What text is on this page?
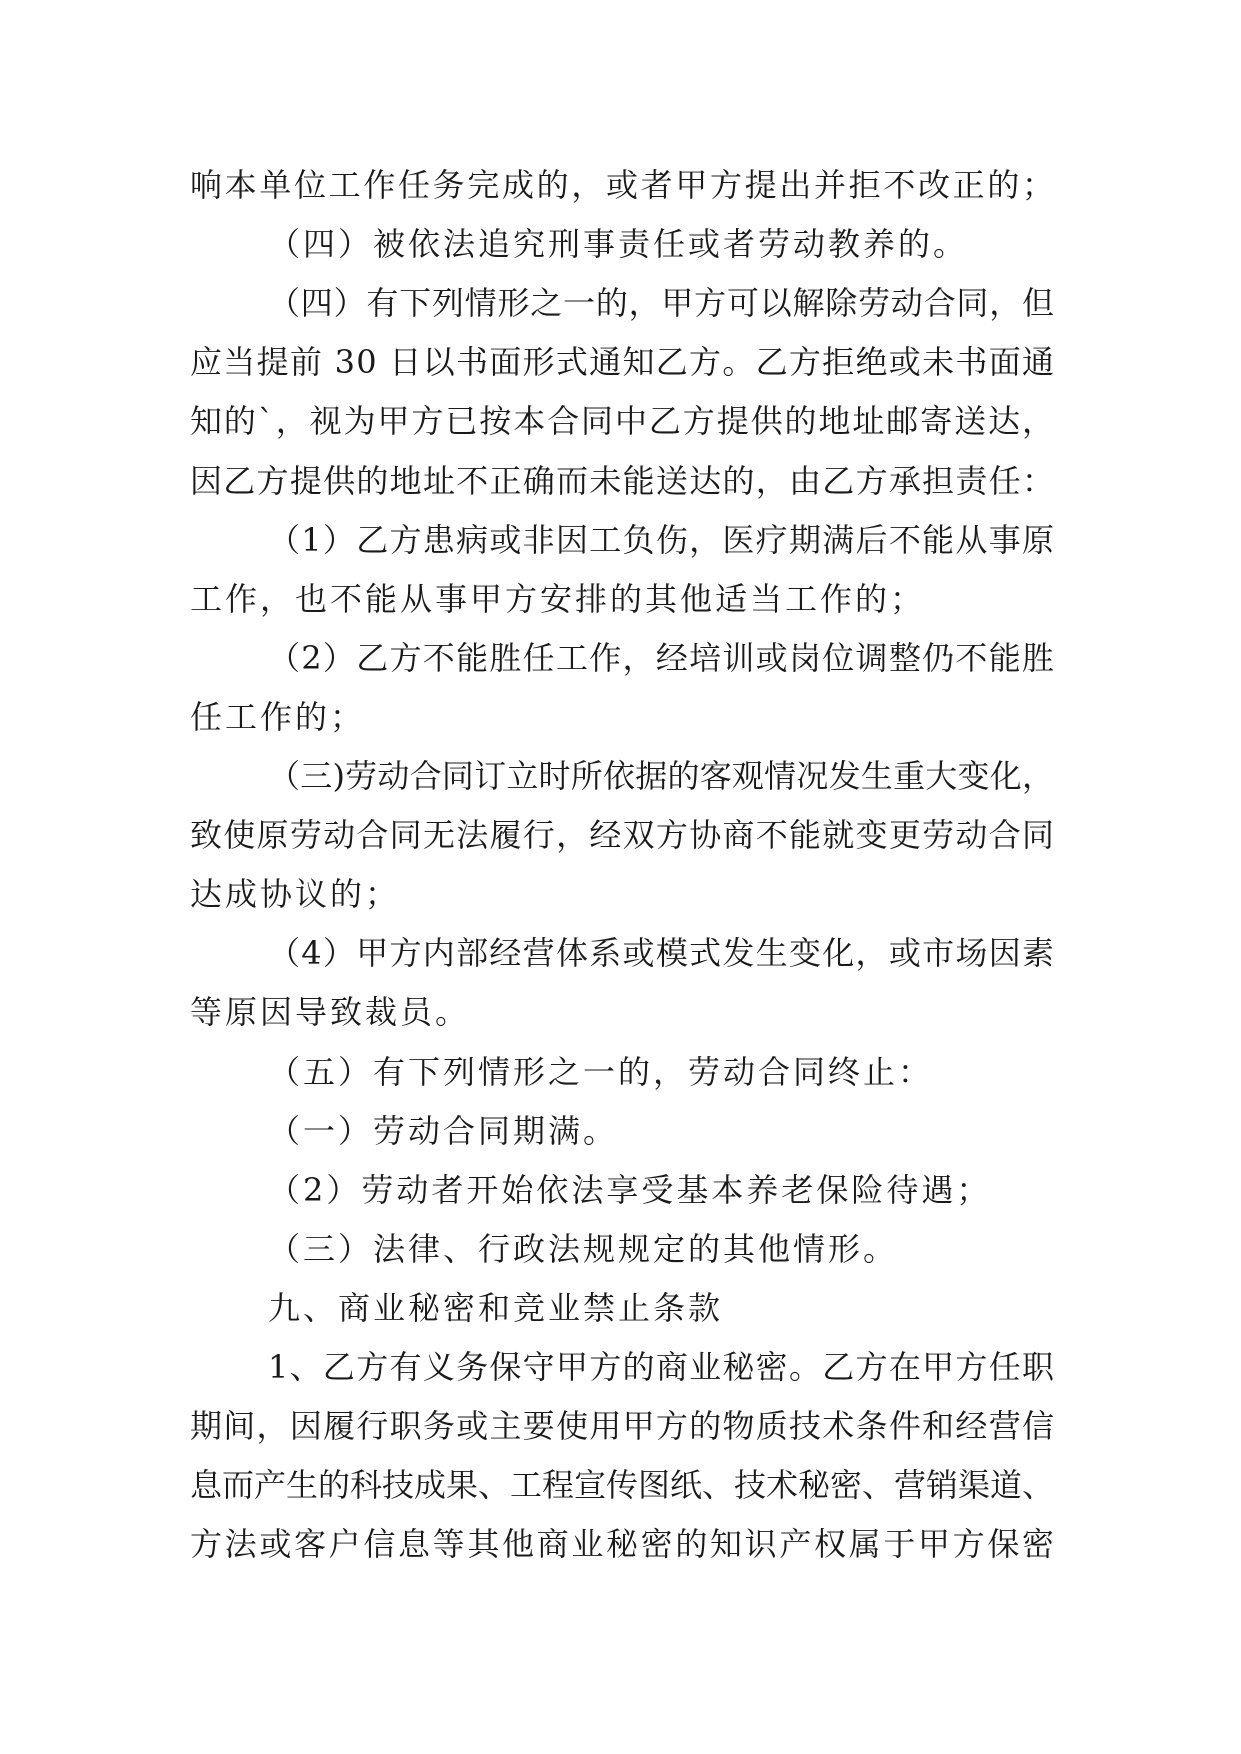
响本单位工作任务完成的，或者甲方提出并拒不改正的；
（四）被依法追究刑事责任或者劳动教养的。
（四）有下列情形之一的，甲方可以解除劳动合同，但
应当提前 30 日以书面形式通知乙方。乙方拒绝或未书面通
知的`，视为甲方已按本合同中乙方提供的地址邮寄送达，
因乙方提供的地址不正确而未能送达的，由乙方承担责任：
（1）乙方患病或非因工负伤，医疗期满后不能从事原
工作，也不能从事甲方安排的其他适当工作的；
（2）乙方不能胜任工作，经培训或岗位调整仍不能胜
任工作的；
（三)劳动合同订立时所依据的客观情况发生重大变化，
致使原劳动合同无法履行，经双方协商不能就变更劳动合同
达成协议的；
（4）甲方内部经营体系或模式发生变化，或市场因素
等原因导致裁员。
（五）有下列情形之一的，劳动合同终止：
（一）劳动合同期满。
（2）劳动者开始依法享受基本养老保险待遇；
（三）法律、行政法规规定的其他情形。
九、商业秘密和竞业禁止条款
1、乙方有义务保守甲方的商业秘密。乙方在甲方任职
期间，因履行职务或主要使用甲方的物质技术条件和经营信
息而产生的科技成果、工程宣传图纸、技术秘密、营销渠道、
方法或客户信息等其他商业秘密的知识产权属于甲方保密
